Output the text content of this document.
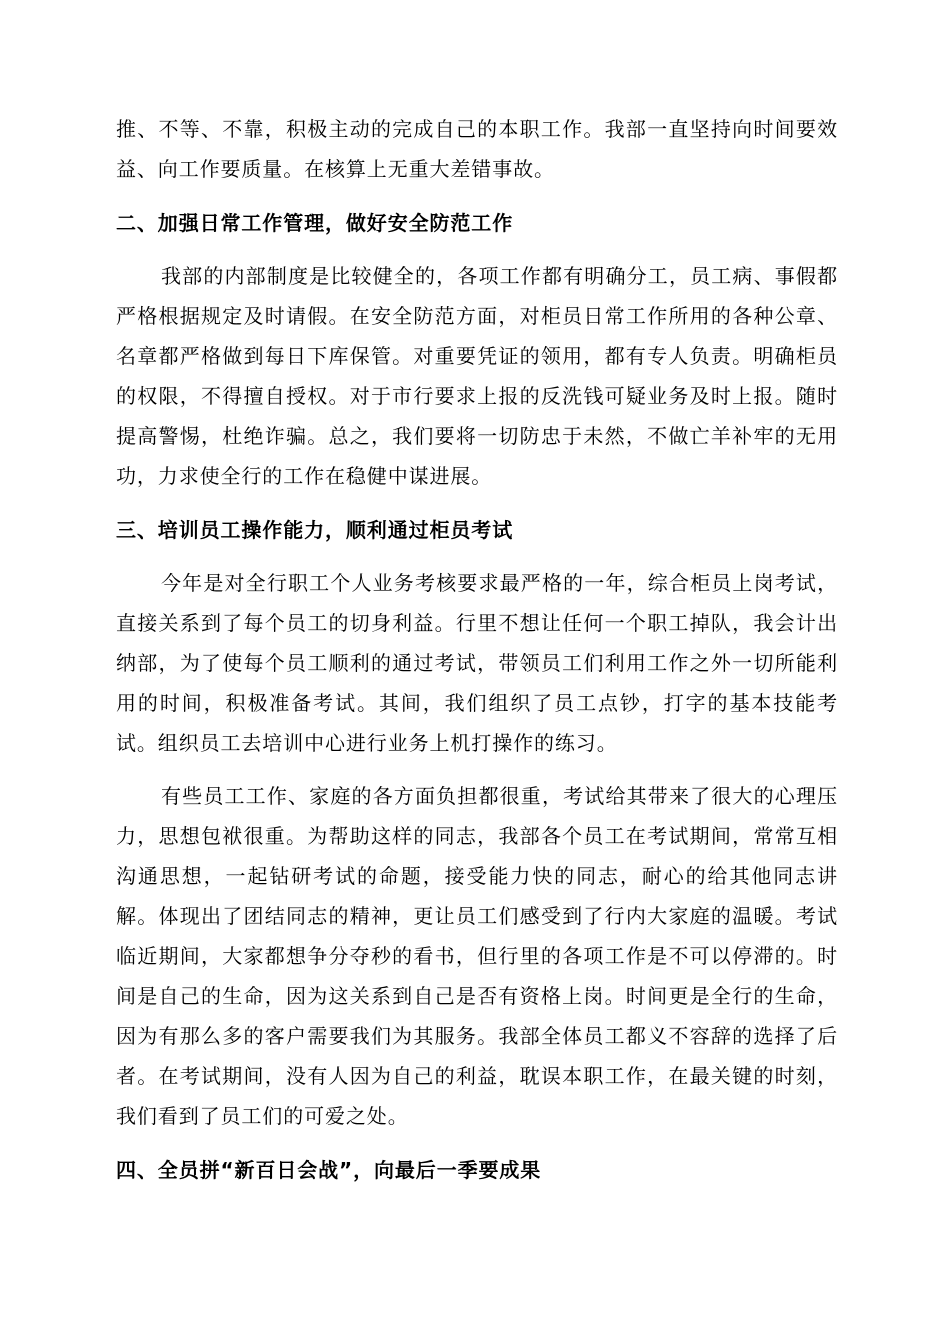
推、不等、不靠，积极主动的完成自己的本职工作。我部一直坚持向时间要效益、向工作要质量。在核算上无重大差错事故。

二、加强日常工作管理，做好安全防范工作

我部的内部制度是比较健全的，各项工作都有明确分工，员工病、事假都严格根据规定及时请假。在安全防范方面，对柜员日常工作所用的各种公章、名章都严格做到每日下库保管。对重要凭证的领用，都有专人负责。明确柜员的权限，不得擅自授权。对于市行要求上报的反洗钱可疑业务及时上报。随时提高警惕，杜绝诈骗。总之，我们要将一切防忠于未然，不做亡羊补牢的无用功，力求使全行的工作在稳健中谋进展。

三、培训员工操作能力，顺利通过柜员考试

今年是对全行职工个人业务考核要求最严格的一年，综合柜员上岗考试，直接关系到了每个员工的切身利益。行里不想让任何一个职工掉队，我会计出纳部，为了使每个员工顺利的通过考试，带领员工们利用工作之外一切所能利用的时间，积极准备考试。其间，我们组织了员工点钞，打字的基本技能考试。组织员工去培训中心进行业务上机打操作的练习。

有些员工工作、家庭的各方面负担都很重，考试给其带来了很大的心理压力，思想包袱很重。为帮助这样的同志，我部各个员工在考试期间，常常互相沟通思想，一起钻研考试的命题，接受能力快的同志，耐心的给其他同志讲解。体现出了团结同志的精神，更让员工们感受到了行内大家庭的温暖。考试临近期间，大家都想争分夺秒的看书，但行里的各项工作是不可以停滞的。时间是自己的生命，因为这关系到自己是否有资格上岗。时间更是全行的生命，因为有那么多的客户需要我们为其服务。我部全体员工都义不容辞的选择了后者。在考试期间，没有人因为自己的利益，耽误本职工作，在最关键的时刻，我们看到了员工们的可爱之处。

四、全员拼“新百日会战”，向最后一季要成果
